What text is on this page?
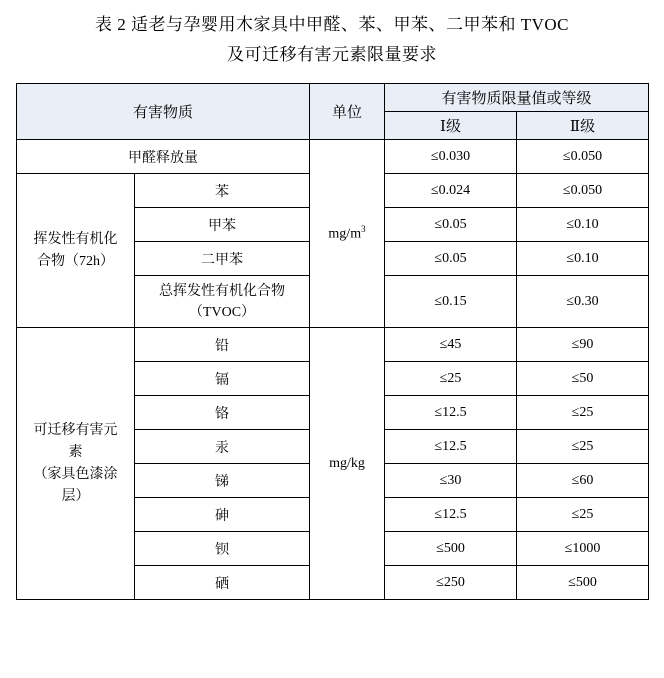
表 2 适老与孕婴用木家具中甲醛、苯、甲苯、二甲苯和 TVOC
及可迁移有害元素限量要求
有害物质		单位	有害物质限量值或等级	
			Ⅰ级	Ⅱ级
甲醛释放量		$mg/m^3$	≤0.030	≤0.050

挥发性有机化
合物（72h）	苯		≤0.024	≤0.050
	甲苯		≤0.05	≤0.10
	二甲苯		≤0.05	≤0.10

	总挥发性有机化合物
（TVOC）		≤0.15	≤0.30

可迁移有害元
素
（家具色漆涂
层）	铅	mg/kg	≤45	≤90
	镉		≤25	≤50
	铬		≤12.5	≤25
	汞		≤12.5	≤25
	锑		≤30	≤60
	砷		≤12.5	≤25
	钡		≤500	≤1000
	硒		≤250	≤500
